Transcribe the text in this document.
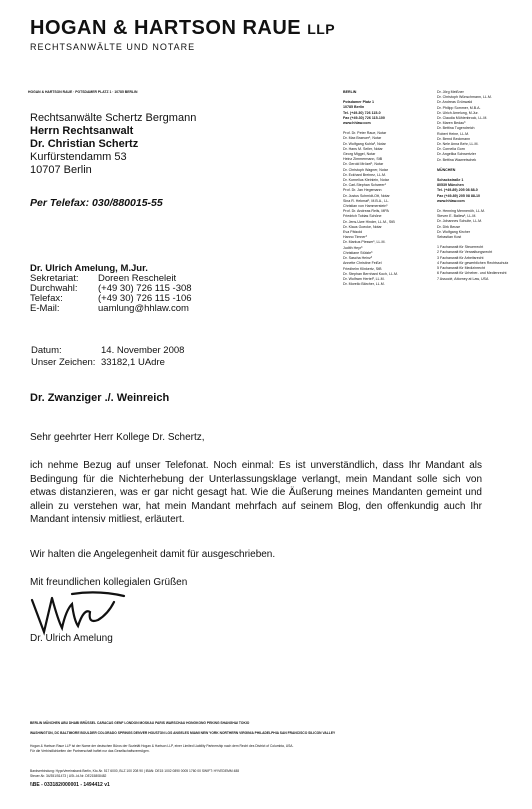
HOGAN & HARTSON RAUE LLP
RECHTSANWÄLTE UND NOTARE
HOGAN & HARTSON RAUE · POTSDAMER PLATZ 1 · 10785 BERLIN
Rechtsanwälte Schertz Bergmann
Herrn Rechtsanwalt
Dr. Christian Schertz
Kurfürstendamm 53
10707 Berlin
Per Telefax: 030/880015-55
Dr. Ulrich Amelung, M.Jur.
Sekretariat:	Doreen Rescheleit
Durchwahl:	(+49 30) 726 115 -308
Telefax:	(+49 30) 726 115 -106
E-Mail:	uamlung@hhlaw.com
Datum:	14. November 2008
Unser Zeichen:	33182,1 UAdre
Dr. Zwanziger ./. Weinreich
Sehr geehrter Herr Kollege Dr. Schertz,
ich nehme Bezug auf unser Telefonat. Noch einmal: Es ist unverständlich, dass Ihr Mandant als Bedingung für die Nichterhebung der Unterlassungsklage verlangt, mein Mandant solle sich von etwas distanzieren, was er gar nicht gesagt hat. Wie die Äußerung meines Mandanten gemeint und allein zu verstehen war, hat mein Mandant mehrfach auf seinem Blog, den offenkundig auch Ihr Mandant intensiv mitliest, erläutert.
Wir halten die Angelegenheit damit für ausgeschrieben.
Mit freundlichen kollegialen Grüßen
Dr. Ulrich Amelung
BERLIN
Potsdamer Platz 1
10785 Berlin
Tel. (+49-30) 726 115-0
Fax (+49-30) 726 115-100
www.hhlaw.com
Prof. Dr. Peter Raue, Notar
Dr. Max Braeuer¹, Notar
Dr. Wolfgang Kuhla², Notar
Dr. Hans M. Seiler, Notar
Georg Miggel, Notar
Heinz Zimmermann, StB
Dr. Gerold Mrözel¹, Notar
Dr. Christoph Wagner, Notar
Dr. Eckhard Breinez, LL.M.
Dr. Kornelius Kleinlein, Notar
Dr. Carl-Stephan Schweer¹
Prof. Dr. Jan Hegemann
Dr. Justus Schmidt-Ott, Notar
Sina R. Hekmat¹, M.B.A., LL.
Christian von Hammerstein¹
Prof. Dr. Andreas Reils, MPA
Friedrich Tobias Schöne
Dr. Jens-Uwe Hinder, LL.M., StB
Dr. Klaus Goecke, Notar
Eva Pätzold
Hanno Timner³
Dr. Markus Plesser¹, LL.M.
Judith Heyr³
Christiane Stützle³
Dr. Sascha Heinz³
Annette Christine Feißel
Friedhelm Klinkertz, StB
Dr. Stephan Bernhard Koch, LL.M.
Dr. Wolfram Hertel³, LL.M.
Dr. Moreilo Bärcher, LL.M.
Dr. Jörg Meißner
Dr. Christoph Wünschmann, LL.M.
Dr. Andreas Grünwald
Dr. Philipp Sommer, M.B.A.
Dr. Ulrich Amelung, M.Jur.
Dr. Claudia Mühlenbrock, LL.M.
Dr. Maren Bedau³
Dr. Bettina Tugendreich
Robert Heine, LL.M.
Dr. Bernd Beckmann
Dr. Nele Anna Behr, LL.M.
Dr. Cornelia Gorn
Dr. Angelika Schwertzler
Dr. Bettina Wawretschek
MÜNCHEN
Schackstraße 1
80539 München
Tel. (+49-89) 205 08 88-0
Fax (+49-89) 205 08 88-10
www.hhlaw.com
Dr. Henning Mennenöh, LL.M.
Steven E. Ballew¹, LL.M.
Dr. Johannes Schulte, LL.M.
Dr. Dirk Beuse
Dr. Wolfgang Kircher
Sebastian Kost
1 Fachanwalt für Steuerrecht
2 Fachanwalt für Verwaltungsrecht
3 Fachanwalt für Arbeitsrecht
4 Fachanwalt für gewerblichen Rechtsschutz
5 Fachanwalt für Medizinrecht
6 Fachanwalt für Urheber- und Medienrecht
7 Associé, Attorney at Law, USA
BERLIN MÜNCHEN ABU DHABI BRÜSSEL CARACAS GENF LONDON MOSKAU PARIS WARSCHAU HONGKONG PEKING SHANGHAI TOKIO
WASHINGTON, DC BALTIMORE BOULDER COLORADO SPRINGS DENVER HOUSTON LOS ANGELES MIAMI NEW YORK NORTHERN VIRGINIA PHILADELPHIA SAN FRANCISCO SILICON VALLEY
Hogan & Hartson Raue LLP ist der Name der deutschen Büros der Sozietät Hogan & Hartson LLP, einer Limited Liability Partnership nach dem Recht des District of Columbia, USA.
Für die Verbindlichkeiten der Partnerschaft haftet nur das Gesellschaftsvermögen.
Bankverbindung: HypoVereinsbank Berlin, Kto-Nr. 517 6000, BLZ 100 208 90 | IBAN: DE15 1002 0890 0005 1760 00 SWIFT: HYVEDEMM 488
Steuer-Nr. 34/351/51473 | USt.-Id-Nr. DE215808482
\\BE - 033182/000001 - 1494412 v1
